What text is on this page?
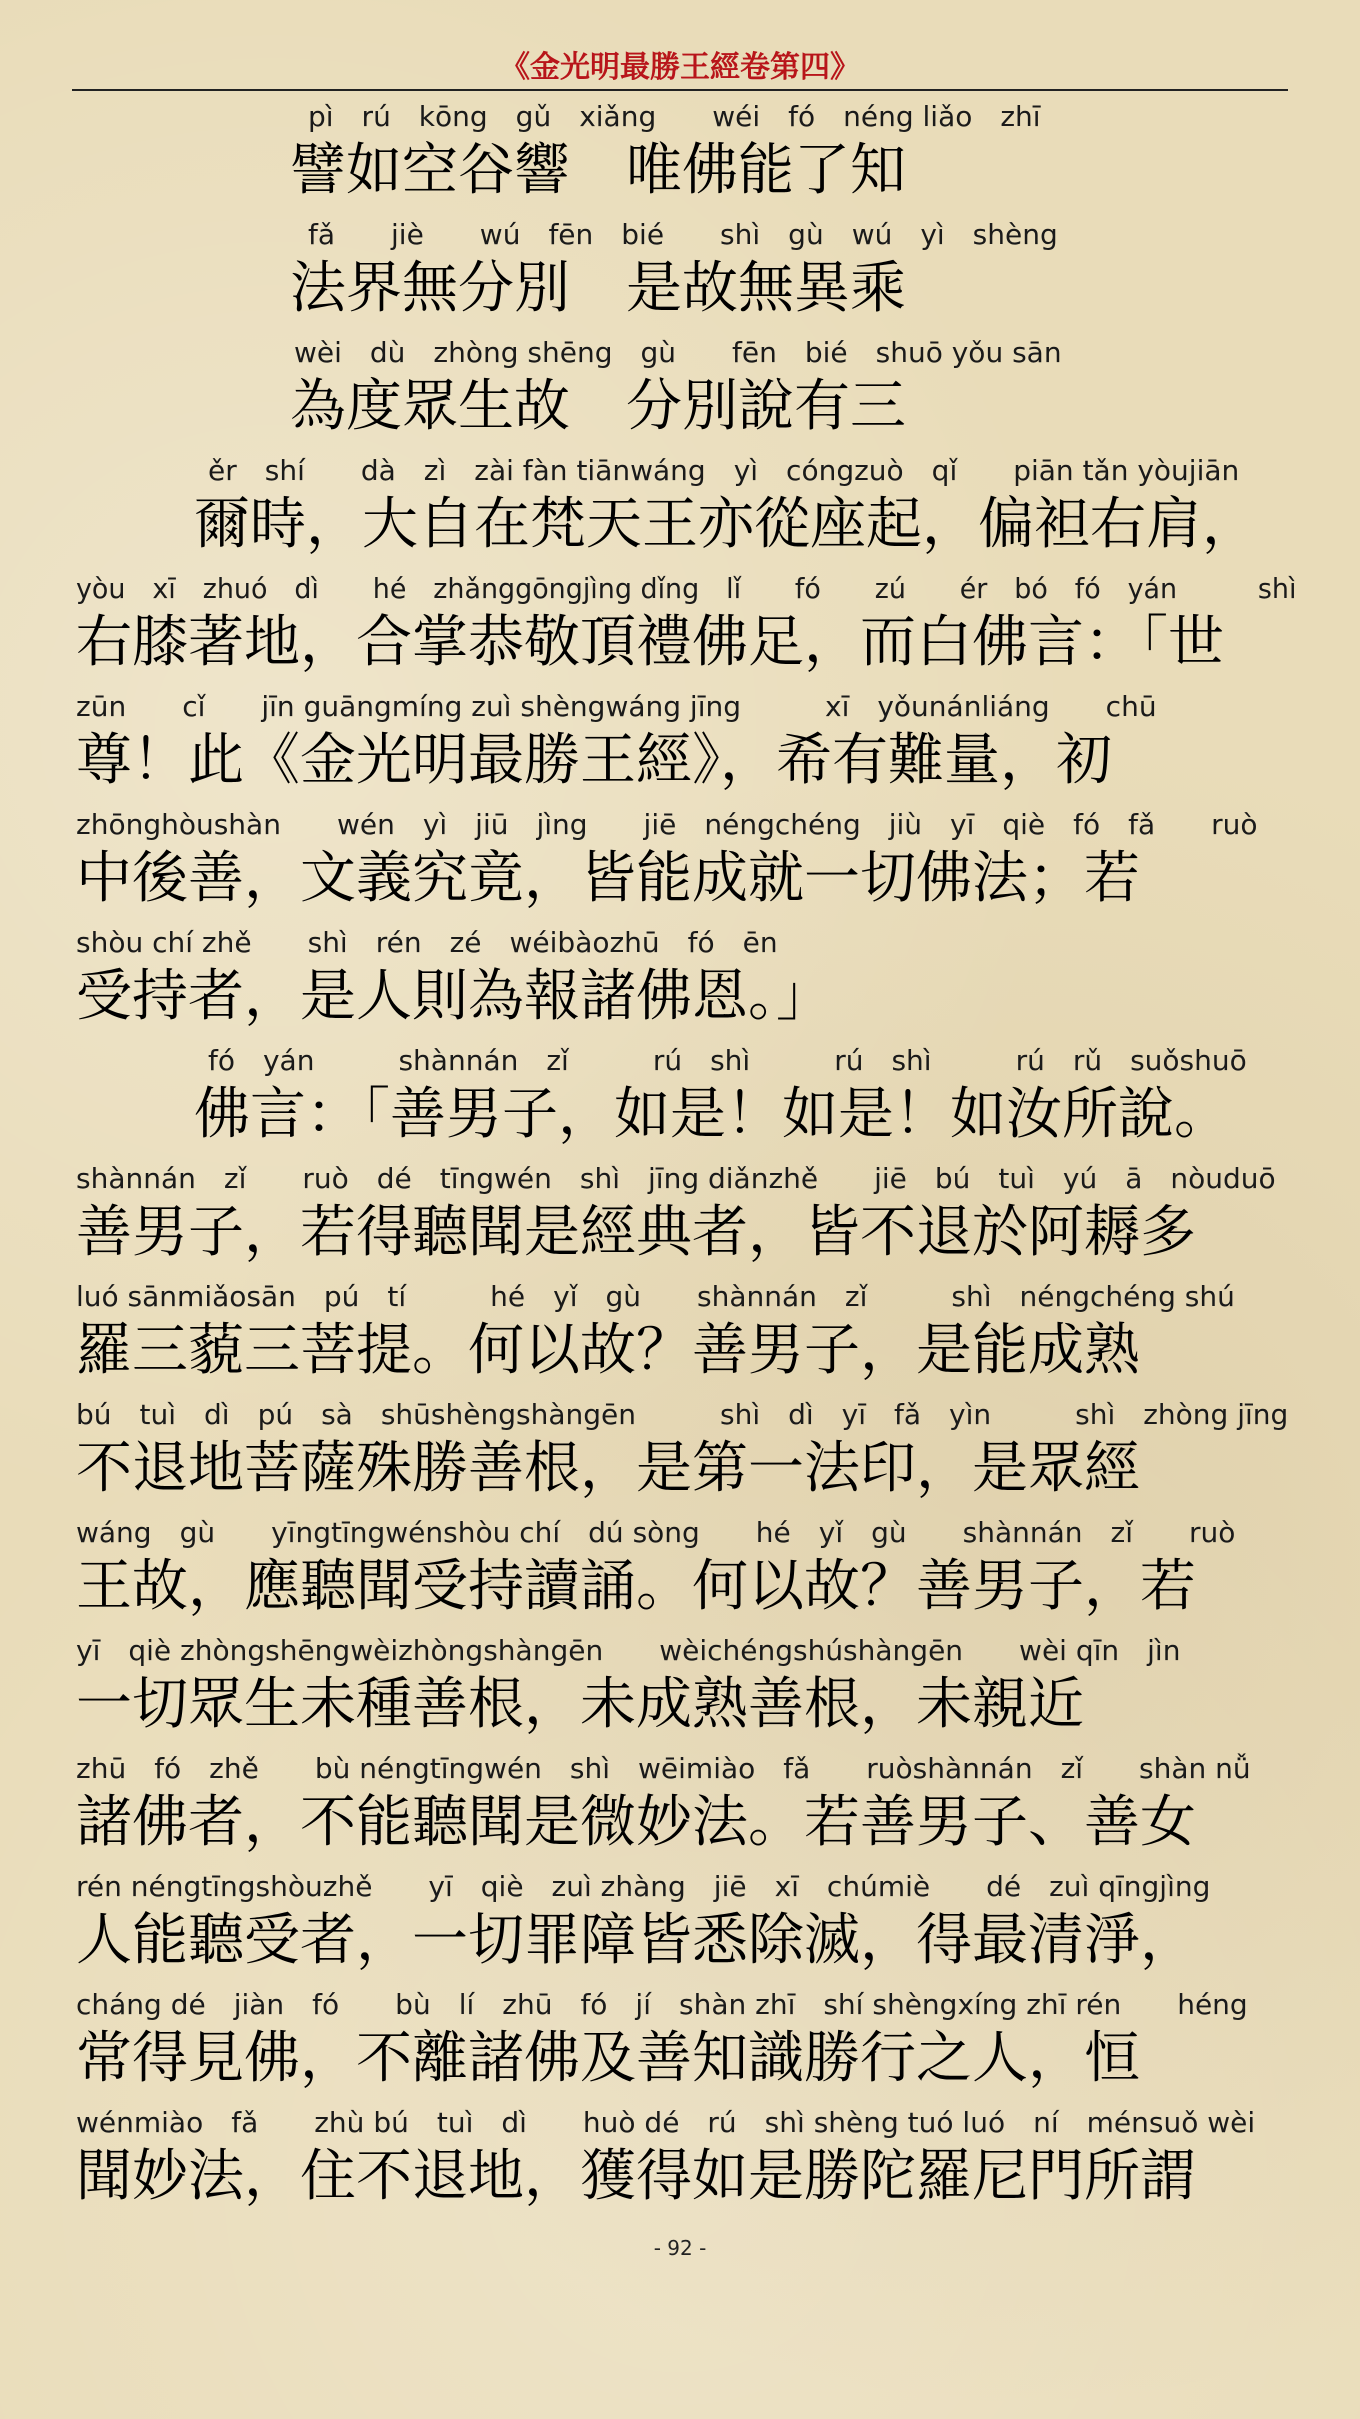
《金光明最勝王經卷第四》
pì　rú　kōng　gǔ　xiǎng　　wéi　fó　néng liǎo　zhī
譬如空谷響　唯佛能了知
fǎ　　jiè　　wú　fēn　bié　　shì　gù　wú　yì　shèng
法界無分別　是故無異乘
wèi　dù　zhòng shēng　gù　　fēn　bié　shuō yǒu sān
為度眾生故　分別說有三
ěr　shí　　dà　zì　zài fàn tiānwáng　yì　cóngzuò　qǐ　　piān tǎn yòujiān
爾時，大自在梵天王亦從座起，偏袒右肩，
yòu　xī　zhuó　dì　　hé　zhǎnggōngjìng dǐng　lǐ　　fó　　zú　　ér　bó　fó　yán　　　shì
右膝著地，合掌恭敬頂禮佛足，而白佛言：「世
zūn　　cǐ　　jīn guāngmíng zuì shèngwáng jīng　　　xī　yǒunánliáng　　chū
尊！此《金光明最勝王經》，希有難量，初
zhōnghòushàn　　wén　yì　jiū　jìng　　jiē　néngchéng　jiù　yī　qiè　fó　fǎ　　ruò
中後善，文義究竟，皆能成就一切佛法；若
shòu chí zhě　　shì　rén　zé　wéibàozhū　fó　ēn
受持者，是人則為報諸佛恩。」
fó　yán　　　shànnán　zǐ　　　rú　shì　　　rú　shì　　　rú　rǔ　suǒshuō
佛言：「善男子，如是！如是！如汝所說。
shànnán　zǐ　　ruò　dé　tīngwén　shì　jīng diǎnzhě　　jiē　bú　tuì　yú　ā　nòuduō
善男子，若得聽聞是經典者，皆不退於阿耨多
luó sānmiǎosān　pú　tí　　　hé　yǐ　gù　　shànnán　zǐ　　　shì　néngchéng shú
羅三藐三菩提。何以故？善男子，是能成熟
bú　tuì　dì　pú　sà　shūshèngshàngēn　　　shì　dì　yī　fǎ　yìn　　　shì　zhòng jīng
不退地菩薩殊勝善根，是第一法印，是眾經
wáng　gù　　yīngtīngwénshòu chí　dú sòng　　hé　yǐ　gù　　shànnán　zǐ　　ruò
王故，應聽聞受持讀誦。何以故？善男子，若
yī　qiè zhòngshēngwèizhòngshàngēn　　wèichéngshúshàngēn　　wèi qīn　jìn
一切眾生未種善根，未成熟善根，未親近
zhū　fó　zhě　　bù néngtīngwén　shì　wēimiào　fǎ　　ruòshànnán　zǐ　　shàn nǚ
諸佛者，不能聽聞是微妙法。若善男子、善女
rén néngtīngshòuzhě　　yī　qiè　zuì zhàng　jiē　xī　chúmiè　　dé　zuì qīngjìng
人能聽受者，一切罪障皆悉除滅，得最清淨，
cháng dé　jiàn　fó　　bù　lí　zhū　fó　jí　shàn zhī　shí shèngxíng zhī rén　　héng
常得見佛，不離諸佛及善知識勝行之人，恒
wénmiào　fǎ　　zhù bú　tuì　dì　　huò dé　rú　shì shèng tuó luó　ní　ménsuǒ wèi
聞妙法，住不退地，獲得如是勝陀羅尼門所謂
- 92 -
